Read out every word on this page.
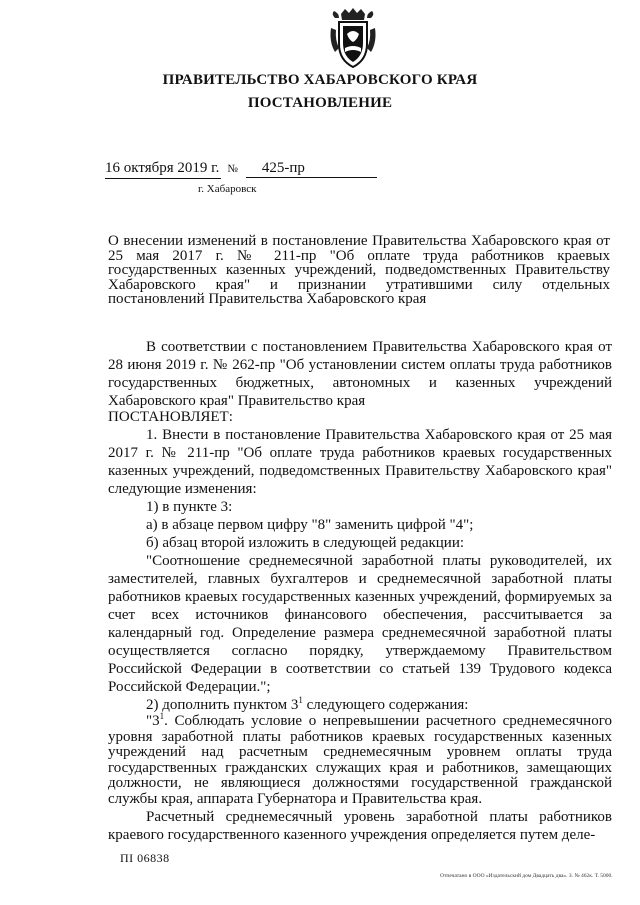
ПРАВИТЕЛЬСТВО ХАБАРОВСКОГО КРАЯ
ПОСТАНОВЛЕНИЕ
16 октября 2019 г. № 425-пр
г. Хабаровск

О внесении изменений в постановление Правительства Хабаровского края от 25 мая 2017 г. № 211-пр "Об оплате труда работников краевых государственных казенных учреждений, подведомственных Правительству Хабаровского края" и признании утратившими силу отдельных постановлений Правительства Хабаровского края

В соответствии с постановлением Правительства Хабаровского края от 28 июня 2019 г. № 262-пр "Об установлении систем оплаты труда работников государственных бюджетных, автономных и казенных учреждений Хабаровского края" Правительство края

ПОСТАНОВЛЯЕТ:

1. Внести в постановление Правительства Хабаровского края от 25 мая 2017 г. № 211-пр "Об оплате труда работников краевых государственных казенных учреждений, подведомственных Правительству Хабаровского края" следующие изменения:

1) в пункте 3:

а) в абзаце первом цифру "8" заменить цифрой "4";

б) абзац второй изложить в следующей редакции:

"Соотношение среднемесячной заработной платы руководителей, их заместителей, главных бухгалтеров и среднемесячной заработной платы работников краевых государственных казенных учреждений, формируемых за счет всех источников финансового обеспечения, рассчитывается за календарный год. Определение размера среднемесячной заработной платы осуществляется согласно порядку, утверждаемому Правительством Российской Федерации в соответствии со статьей 139 Трудового кодекса Российской Федерации.";

2) дополнить пунктом $3^1$ следующего содержания:

"$3^1$. Соблюдать условие о непревышении расчетного среднемесячного уровня заработной платы работников краевых государственных казенных учреждений над расчетным среднемесячным уровнем оплаты труда государственных гражданских служащих края и работников, замещающих должности, не являющиеся должностями государственной гражданской службы края, аппарата Губернатора и Правительства края.

Расчетный среднемесячный уровень заработной платы работников краевого государственного казенного учреждения определяется путем деле-

ПІ 06838
Отпечатано в ООО «Издательский дом Двадцать два». З. № 462к. Т. 5000.
